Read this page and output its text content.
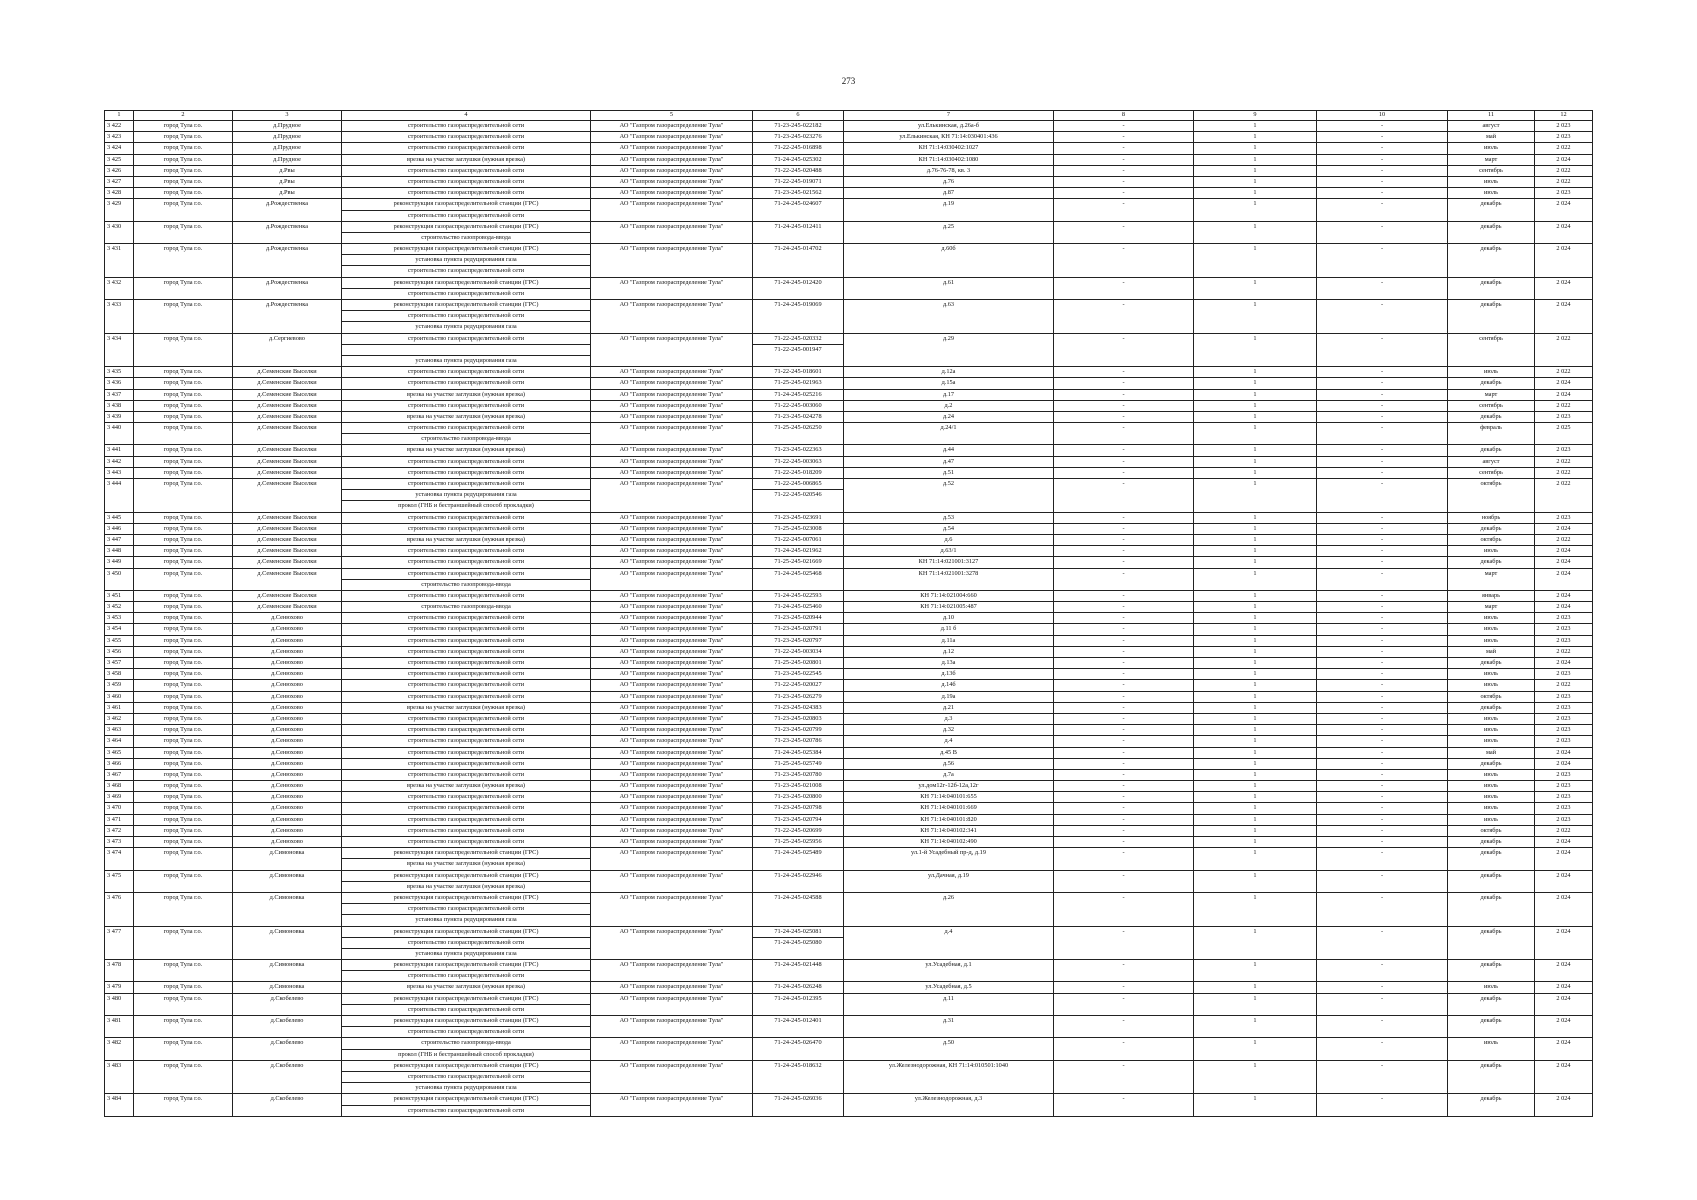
273
1	2	3	4	5	6	7	8	9	10	11	12

3 422	город Тула г.о.	д.Прудное	строительство газораспределительной сети	АО "Газпром газораспределение Тула"	71-23-245-022182	ул.Елькинская, д.26а-б	-	1	-	август	2 023

3 423	город Тула г.о.	д.Прудное	строительство газораспределительной сети	АО "Газпром газораспределение Тула"	71-23-245-023276	ул.Елькинская, КН 71:14:030401:436	-	1	-	май	2 023

3 424	город Тула г.о.	д.Прудное	строительство газораспределительной сети	АО "Газпром газораспределение Тула"	71-22-245-016898	КН 71:14:030402:1027	-	1	-	июль	2 022

3 425	город Тула г.о.	д.Прудное	врезка на участке заглушки (нужная врезка)	АО "Газпром газораспределение Тула"	71-24-245-025302	КН 71:14:030402:1080	-	1	-	март	2 024

3 426	город Тула г.о.	д.Рвы	строительство газораспределительной сети	АО "Газпром газораспределение Тула"	71-22-245-020488	д.76-76-78, кв. 3	-	1	-	сентябрь	2 022

3 427	город Тула г.о.	д.Рвы	строительство газораспределительной сети	АО "Газпром газораспределение Тула"	71-22-245-019071	д.76	-	1	-	июль	2 022

3 428	город Тула г.о.	д.Рвы	строительство газораспределительной сети	АО "Газпром газораспределение Тула"	71-23-245-021562	д.87	-	1	-	июль	2 023

3 429	город Тула г.о.	д.Рождественка	реконструкция газораспределительной станции (ГРС)
строительство газораспределительной сети	АО "Газпром газораспределение Тула"	71-24-245-024607	д.19	-	1	-	декабрь	2 024

3 430	город Тула г.о.	д.Рождественка	реконструкция газораспределительной станции (ГРС)
строительство газопровода-ввода	АО "Газпром газораспределение Тула"	71-24-245-012411	д.25	-	1	-	декабрь	2 024

3 431	город Тула г.о.	д.Рождественка	реконструкция газораспределительной станции (ГРС)
установка пункта редуцирования газа
строительство газораспределительной сети	АО "Газпром газораспределение Тула"	71-24-245-014702	д.60б	-	1	-	декабрь	2 024

3 432	город Тула г.о.	д.Рождественка	реконструкция газораспределительной станции (ГРС)
строительство газораспределительной сети	АО "Газпром газораспределение Тула"	71-24-245-012420	д.61	-	1	-	декабрь	2 024

3 433	город Тула г.о.	д.Рождественка	реконструкция газораспределительной станции (ГРС)
строительство газораспределительной сети
установка пункта редуцирования газа	АО "Газпром газораспределение Тула"	71-24-245-019069	д.63	-	1	-	декабрь	2 024

3 434	город Тула г.о.	д.Сергиевово	строительство газораспределительной сети
установка пункта редуцирования газа	АО "Газпром газораспределение Тула"	71-22-245-020332
71-22-245-001947	д.29	-	1	-	сентябрь	2 022

3 435	город Тула г.о.	д.Семенские Выселки	строительство газораспределительной сети	АО "Газпром газораспределение Тула"	71-22-245-018601	д.12а	-	1	-	июль	2 022

3 436	город Тула г.о.	д.Семенские Выселки	строительство газораспределительной сети	АО "Газпром газораспределение Тула"	71-25-245-021963	д.15а	-	1	-	декабрь	2 024

3 437	город Тула г.о.	д.Семенские Выселки	врезка на участке заглушки (нужная врезка)	АО "Газпром газораспределение Тула"	71-24-245-025216	д.17	-	1	-	март	2 024

3 438	город Тула г.о.	д.Семенские Выселки	строительство газораспределительной сети	АО "Газпром газораспределение Тула"	71-22-245-003060	д.2	-	1	-	сентябрь	2 022

3 439	город Тула г.о.	д.Семенские Выселки	врезка на участке заглушки (нужная врезка)	АО "Газпром газораспределение Тула"	71-23-245-024278	д.24	-	1	-	декабрь	2 023

3 440	город Тула г.о.	д.Семенские Выселки	строительство газораспределительной сети
строительство газопровода-ввода	АО "Газпром газораспределение Тула"	71-25-245-026250	д.24/1	-	1	-	февраль	2 025

3 441	город Тула г.о.	д.Семенские Выселки	врезка на участке заглушки (нужная врезка)	АО "Газпром газораспределение Тула"	71-23-245-022363	д.44	-	1	-	декабрь	2 023

3 442	город Тула г.о.	д.Семенские Выселки	строительство газораспределительной сети	АО "Газпром газораспределение Тула"	71-22-245-003063	д.47	-	1	-	август	2 022

3 443	город Тула г.о.	д.Семенские Выселки	строительство газораспределительной сети	АО "Газпром газораспределение Тула"	71-22-245-018209	д.51	-	1	-	сентябрь	2 022

3 444	город Тула г.о.	д.Семенские Выселки	строительство газораспределительной сети
установка пункта редуцирования газа
прокол (ГНБ и бестраншейный способ прокладки)	АО "Газпром газораспределение Тула"	71-22-245-006865
71-22-245-020546	д.52	-	1	-	октябрь	2 022

3 445	город Тула г.о.	д.Семенские Выселки	строительство газораспределительной сети	АО "Газпром газораспределение Тула"	71-23-245-023691	д.53	-	1	-	ноябрь	2 023

3 446	город Тула г.о.	д.Семенские Выселки	строительство газораспределительной сети	АО "Газпром газораспределение Тула"	71-25-245-023008	д.54	-	1	-	декабрь	2 024

3 447	город Тула г.о.	д.Семенские Выселки	врезка на участке заглушки (нужная врезка)	АО "Газпром газораспределение Тула"	71-22-245-007061	д.6	-	1	-	октябрь	2 022

3 448	город Тула г.о.	д.Семенские Выселки	строительство газораспределительной сети	АО "Газпром газораспределение Тула"	71-24-245-021962	д.63/1	-	1	-	июль	2 024

3 449	город Тула г.о.	д.Семенские Выселки	строительство газораспределительной сети	АО "Газпром газораспределение Тула"	71-25-245-021669	КН 71:14:021001:3127	-	1	-	декабрь	2 024

3 450	город Тула г.о.	д.Семенские Выселки	строительство газораспределительной сети
строительство газопровода-ввода	АО "Газпром газораспределение Тула"	71-24-245-025468	КН 71:14:021001:3278	-	1	-	март	2 024

3 451	город Тула г.о.	д.Семенские Выселки	строительство газораспределительной сети	АО "Газпром газораспределение Тула"	71-24-245-022593	КН 71:14:021004:660	-	1	-	январь	2 024

3 452	город Тула г.о.	д.Семенские Выселки	строительство газопровода-ввода	АО "Газпром газораспределение Тула"	71-24-245-025460	КН 71:14:021005:487	-	1	-	март	2 024

3 453	город Тула г.о.	д.Сенюхово	строительство газораспределительной сети	АО "Газпром газораспределение Тула"	71-23-245-020944	д.10	-	1	-	июль	2 023

3 454	город Тула г.о.	д.Сенюхово	строительство газораспределительной сети	АО "Газпром газораспределение Тула"	71-23-245-020791	д.11 б	-	1	-	июль	2 023

3 455	город Тула г.о.	д.Сенюхово	строительство газораспределительной сети	АО "Газпром газораспределение Тула"	71-23-245-020797	д.11а	-	1	-	июль	2 023

3 456	город Тула г.о.	д.Сенюхово	строительство газораспределительной сети	АО "Газпром газораспределение Тула"	71-22-245-003034	д.12	-	1	-	май	2 022

3 457	город Тула г.о.	д.Сенюхово	строительство газораспределительной сети	АО "Газпром газораспределение Тула"	71-25-245-020801	д.13а	-	1	-	декабрь	2 024

3 458	город Тула г.о.	д.Сенюхово	строительство газораспределительной сети	АО "Газпром газораспределение Тула"	71-23-245-022545	д.13б	-	1	-	июль	2 023

3 459	город Тула г.о.	д.Сенюхово	строительство газораспределительной сети	АО "Газпром газораспределение Тула"	71-22-245-020027	д.14б	-	1	-	июль	2 022

3 460	город Тула г.о.	д.Сенюхово	строительство газораспределительной сети	АО "Газпром газораспределение Тула"	71-23-245-026279	д.19а	-	1	-	октябрь	2 023

3 461	город Тула г.о.	д.Сенюхово	врезка на участке заглушки (нужная врезка)	АО "Газпром газораспределение Тула"	71-23-245-024383	д.21	-	1	-	декабрь	2 023

3 462	город Тула г.о.	д.Сенюхово	строительство газораспределительной сети	АО "Газпром газораспределение Тула"	71-23-245-020803	д.3	-	1	-	июль	2 023

3 463	город Тула г.о.	д.Сенюхово	строительство газораспределительной сети	АО "Газпром газораспределение Тула"	71-23-245-020799	д.32	-	1	-	июль	2 023

3 464	город Тула г.о.	д.Сенюхово	строительство газораспределительной сети	АО "Газпром газораспределение Тула"	71-23-245-020786	д.4	-	1	-	июль	2 023

3 465	город Тула г.о.	д.Сенюхово	строительство газораспределительной сети	АО "Газпром газораспределение Тула"	71-24-245-025384	д.45 В	-	1	-	май	2 024

3 466	город Тула г.о.	д.Сенюхово	строительство газораспределительной сети	АО "Газпром газораспределение Тула"	71-25-245-025749	д.56	-	1	-	декабрь	2 024

3 467	город Тула г.о.	д.Сенюхово	строительство газораспределительной сети	АО "Газпром газораспределение Тула"	71-23-245-020780	д.7а	-	1	-	июль	2 023

3 468	город Тула г.о.	д.Сенюхово	врезка на участке заглушки (нужная врезка)	АО "Газпром газораспределение Тула"	71-23-245-021008	ул.дом12г-12б-12а,12г	-	1	-	июль	2 023

3 469	город Тула г.о.	д.Сенюхово	строительство газораспределительной сети	АО "Газпром газораспределение Тула"	71-23-245-020800	КН 71:14:040101:655	-	1	-	июль	2 023

3 470	город Тула г.о.	д.Сенюхово	строительство газораспределительной сети	АО "Газпром газораспределение Тула"	71-23-245-020798	КН 71:14:040101:669	-	1	-	июль	2 023

3 471	город Тула г.о.	д.Сенюхово	строительство газораспределительной сети	АО "Газпром газораспределение Тула"	71-23-245-020794	КН 71:14:040101:820	-	1	-	июль	2 023

3 472	город Тула г.о.	д.Сенюхово	строительство газораспределительной сети	АО "Газпром газораспределение Тула"	71-22-245-020699	КН 71:14:040102:341	-	1	-	октябрь	2 022

3 473	город Тула г.о.	д.Сенюхово	строительство газораспределительной сети	АО "Газпром газораспределение Тула"	71-25-245-025956	КН 71:14:040102:490	-	1	-	декабрь	2 024

3 474	город Тула г.о.	д.Симоновка	реконструкция газораспределительной станции (ГРС)
врезка на участке заглушки (нужная врезка)	АО "Газпром газораспределение Тула"	71-24-245-025489	ул.1-й Усадебный пр-д, д.19	-	1	-	декабрь	2 024

3 475	город Тула г.о.	д.Симоновка	реконструкция газораспределительной станции (ГРС)
врезка на участке заглушки (нужная врезка)	АО "Газпром газораспределение Тула"	71-24-245-022946	ул.Дачная, д.19	-	1	-	декабрь	2 024

3 476	город Тула г.о.	д.Симоновка	реконструкция газораспределительной станции (ГРС)
строительство газораспределительной сети
установка пункта редуцирования газа	АО "Газпром газораспределение Тула"	71-24-245-024588	д.26	-	1	-	декабрь	2 024

3 477	город Тула г.о.	д.Симоновка	реконструкция газораспределительной станции (ГРС)
строительство газораспределительной сети
установка пункта редуцирования газа	АО "Газпром газораспределение Тула"	71-24-245-025081
71-24-245-025080	д.4	-	1	-	декабрь	2 024

3 478	город Тула г.о.	д.Симоновка	реконструкция газораспределительной станции (ГРС)
строительство газораспределительной сети	АО "Газпром газораспределение Тула"	71-24-245-021448	ул.Усадебная, д.1	-	1	-	декабрь	2 024

3 479	город Тула г.о.	д.Симоновка	врезка на участке заглушки (нужная врезка)	АО "Газпром газораспределение Тула"	71-24-245-026248	ул.Усадебная, д.5	-	1	-	июль	2 024

3 480	город Тула г.о.	д.Скобелево	реконструкция газораспределительной станции (ГРС)
строительство газораспределительной сети	АО "Газпром газораспределение Тула"	71-24-245-012395	д.11	-	1	-	декабрь	2 024

3 481	город Тула г.о.	д.Скобелево	реконструкция газораспределительной станции (ГРС)
строительство газораспределительной сети	АО "Газпром газораспределение Тула"	71-24-245-012401	д.31	-	1	-	декабрь	2 024

3 482	город Тула г.о.	д.Скобелево	строительство газопровода-ввода
прокол (ГНБ и бестраншейный способ прокладки)	АО "Газпром газораспределение Тула"	71-24-245-026470	д.50	-	1	-	июль	2 024

3 483	город Тула г.о.	д.Скобелево	реконструкция газораспределительной станции (ГРС)
строительство газораспределительной сети
установка пункта редуцирования газа	АО "Газпром газораспределение Тула"	71-24-245-018632	ул.Железнодорожная, КН 71:14:010501:1040	-	1	-	декабрь	2 024

3 484	город Тула г.о.	д.Скобелево	реконструкция газораспределительной станции (ГРС)
строительство газораспределительной сети	АО "Газпром газораспределение Тула"	71-24-245-026036	ул.Железнодорожная, д.3	-	1	-	декабрь	2 024
